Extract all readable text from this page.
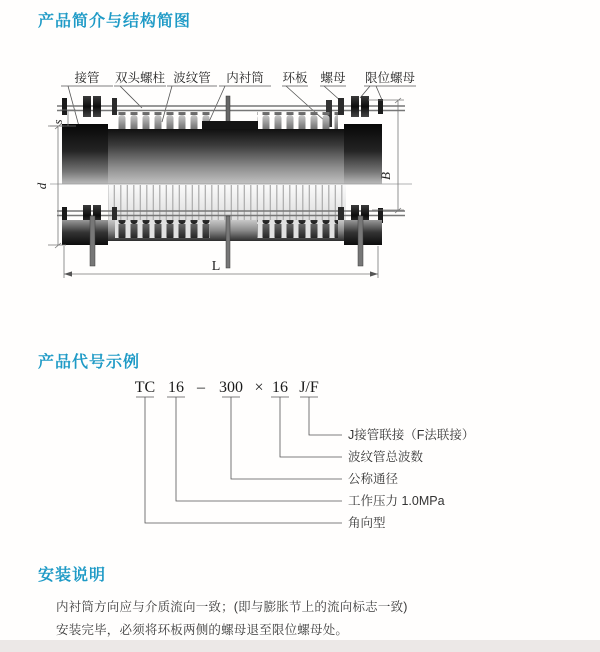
产品简介与结构简图
接管 双头螺柱 波纹管 内衬筒 环板 螺母 限位螺母
s
d
B
L
产品代号示例
TC 16 – 300 × 16 J/F
J接管联接（F法联接）
波纹管总波数
公称通径
工作压力 1.0MPa
角向型
安装说明
内衬筒方向应与介质流向一致；(即与膨胀节上的流向标志一致)
安装完毕，必须将环板两侧的螺母退至限位螺母处。
